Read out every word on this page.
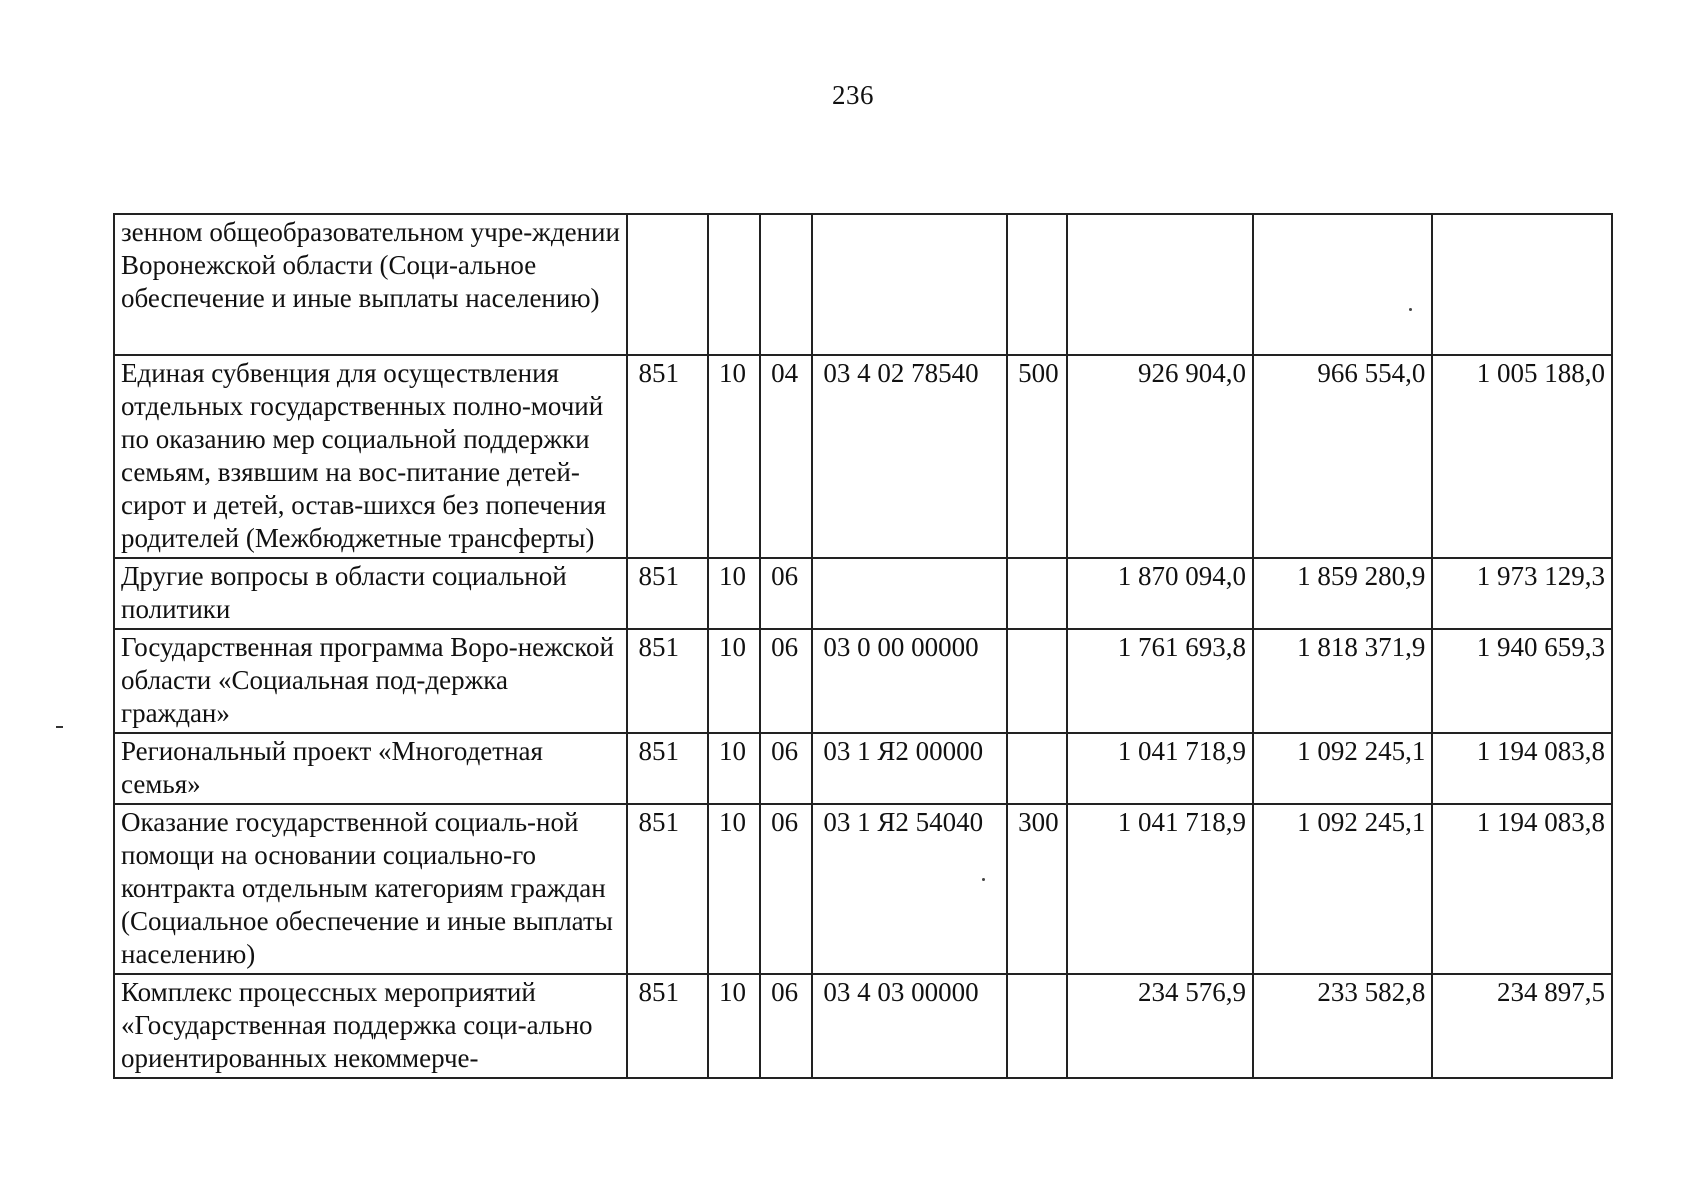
236
зенном общеобразовательном учре-ждении Воронежской области (Соци-альное обеспечение и иные выплаты населению)								
Единая субвенция для осуществления отдельных государственных полно-мочий по оказанию мер социальной поддержки семьям, взявшим на вос-питание детей-сирот и детей, остав-шихся без попечения родителей (Межбюджетные трансферты)	851	10	04	03 4 02 78540	500	926 904,0	966 554,0	1 005 188,0
Другие вопросы в области социальной политики	851	10	06			1 870 094,0	1 859 280,9	1 973 129,3
Государственная программа Воро-нежской области «Социальная под-держка граждан»	851	10	06	03 0 00 00000		1 761 693,8	1 818 371,9	1 940 659,3
Региональный проект «Многодетная семья»	851	10	06	03 1 Я2 00000		1 041 718,9	1 092 245,1	1 194 083,8
Оказание государственной социаль-ной помощи на основании социально-го контракта отдельным категориям граждан (Социальное обеспечение и иные выплаты населению)	851	10	06	03 1 Я2 54040	300	1 041 718,9	1 092 245,1	1 194 083,8
Комплекс процессных мероприятий «Государственная поддержка соци-ально ориентированных некоммерче-	851	10	06	03 4 03 00000		234 576,9	233 582,8	234 897,5
